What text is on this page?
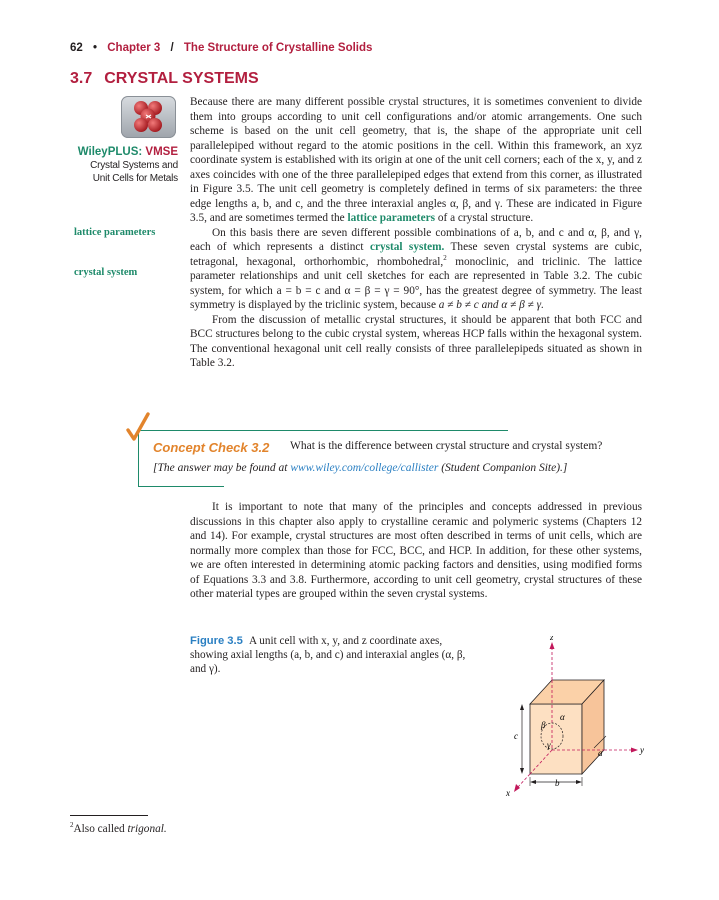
62 • Chapter 3 / The Structure of Crystalline Solids
3.7 CRYSTAL SYSTEMS
WileyPLUS: VMSE
Crystal Systems and
Unit Cells for Metals
lattice parameters
crystal system

Because there are many different possible crystal structures, it is sometimes convenient to divide them into groups according to unit cell configurations and/or atomic arrangements. One such scheme is based on the unit cell geometry, that is, the shape of the appropriate unit cell parallelepiped without regard to the atomic positions in the cell. Within this framework, an xyz coordinate system is established with its origin at one of the unit cell corners; each of the x, y, and z axes coincides with one of the three parallelepiped edges that extend from this corner, as illustrated in Figure 3.5. The unit cell geometry is completely defined in terms of six parameters: the three edge lengths a, b, and c, and the three interaxial angles α, β, and γ. These are indicated in Figure 3.5, and are sometimes termed the lattice parameters of a crystal structure.

On this basis there are seven different possible combinations of a, b, and c and α, β, and γ, each of which represents a distinct crystal system. These seven crystal systems are cubic, tetragonal, hexagonal, orthorhombic, rhombohedral,$^2$ monoclinic, and triclinic. The lattice parameter relationships and unit cell sketches for each are represented in Table 3.2. The cubic system, for which a = b = c and α = β = γ = 90°, has the greatest degree of symmetry. The least symmetry is displayed by the triclinic system, because a ≠ b ≠ c and α ≠ β ≠ γ.

From the discussion of metallic crystal structures, it should be apparent that both FCC and BCC structures belong to the cubic crystal system, whereas HCP falls within the hexagonal system. The conventional hexagonal unit cell really consists of three parallelepipeds situated as shown in Table 3.2.

Concept Check 3.2 What is the difference between crystal structure and crystal system?
[The answer may be found at www.wiley.com/college/callister (Student Companion Site).]

It is important to note that many of the principles and concepts addressed in previous discussions in this chapter also apply to crystalline ceramic and polymeric systems (Chapters 12 and 14). For example, crystal structures are most often described in terms of unit cells, which are normally more complex than those for FCC, BCC, and HCP. In addition, for these other systems, we are often interested in determining atomic packing factors and densities, using modified forms of Equations 3.3 and 3.8. Furthermore, according to unit cell geometry, crystal structures of these other material types are grouped within the seven crystal systems.

Figure 3.5 A unit cell with x, y, and z coordinate axes, showing axial lengths (a, b, and c) and interaxial angles (α, β, and γ).
z
y
x
a
b
c
α
β
γ
$^2$Also called trigonal.
